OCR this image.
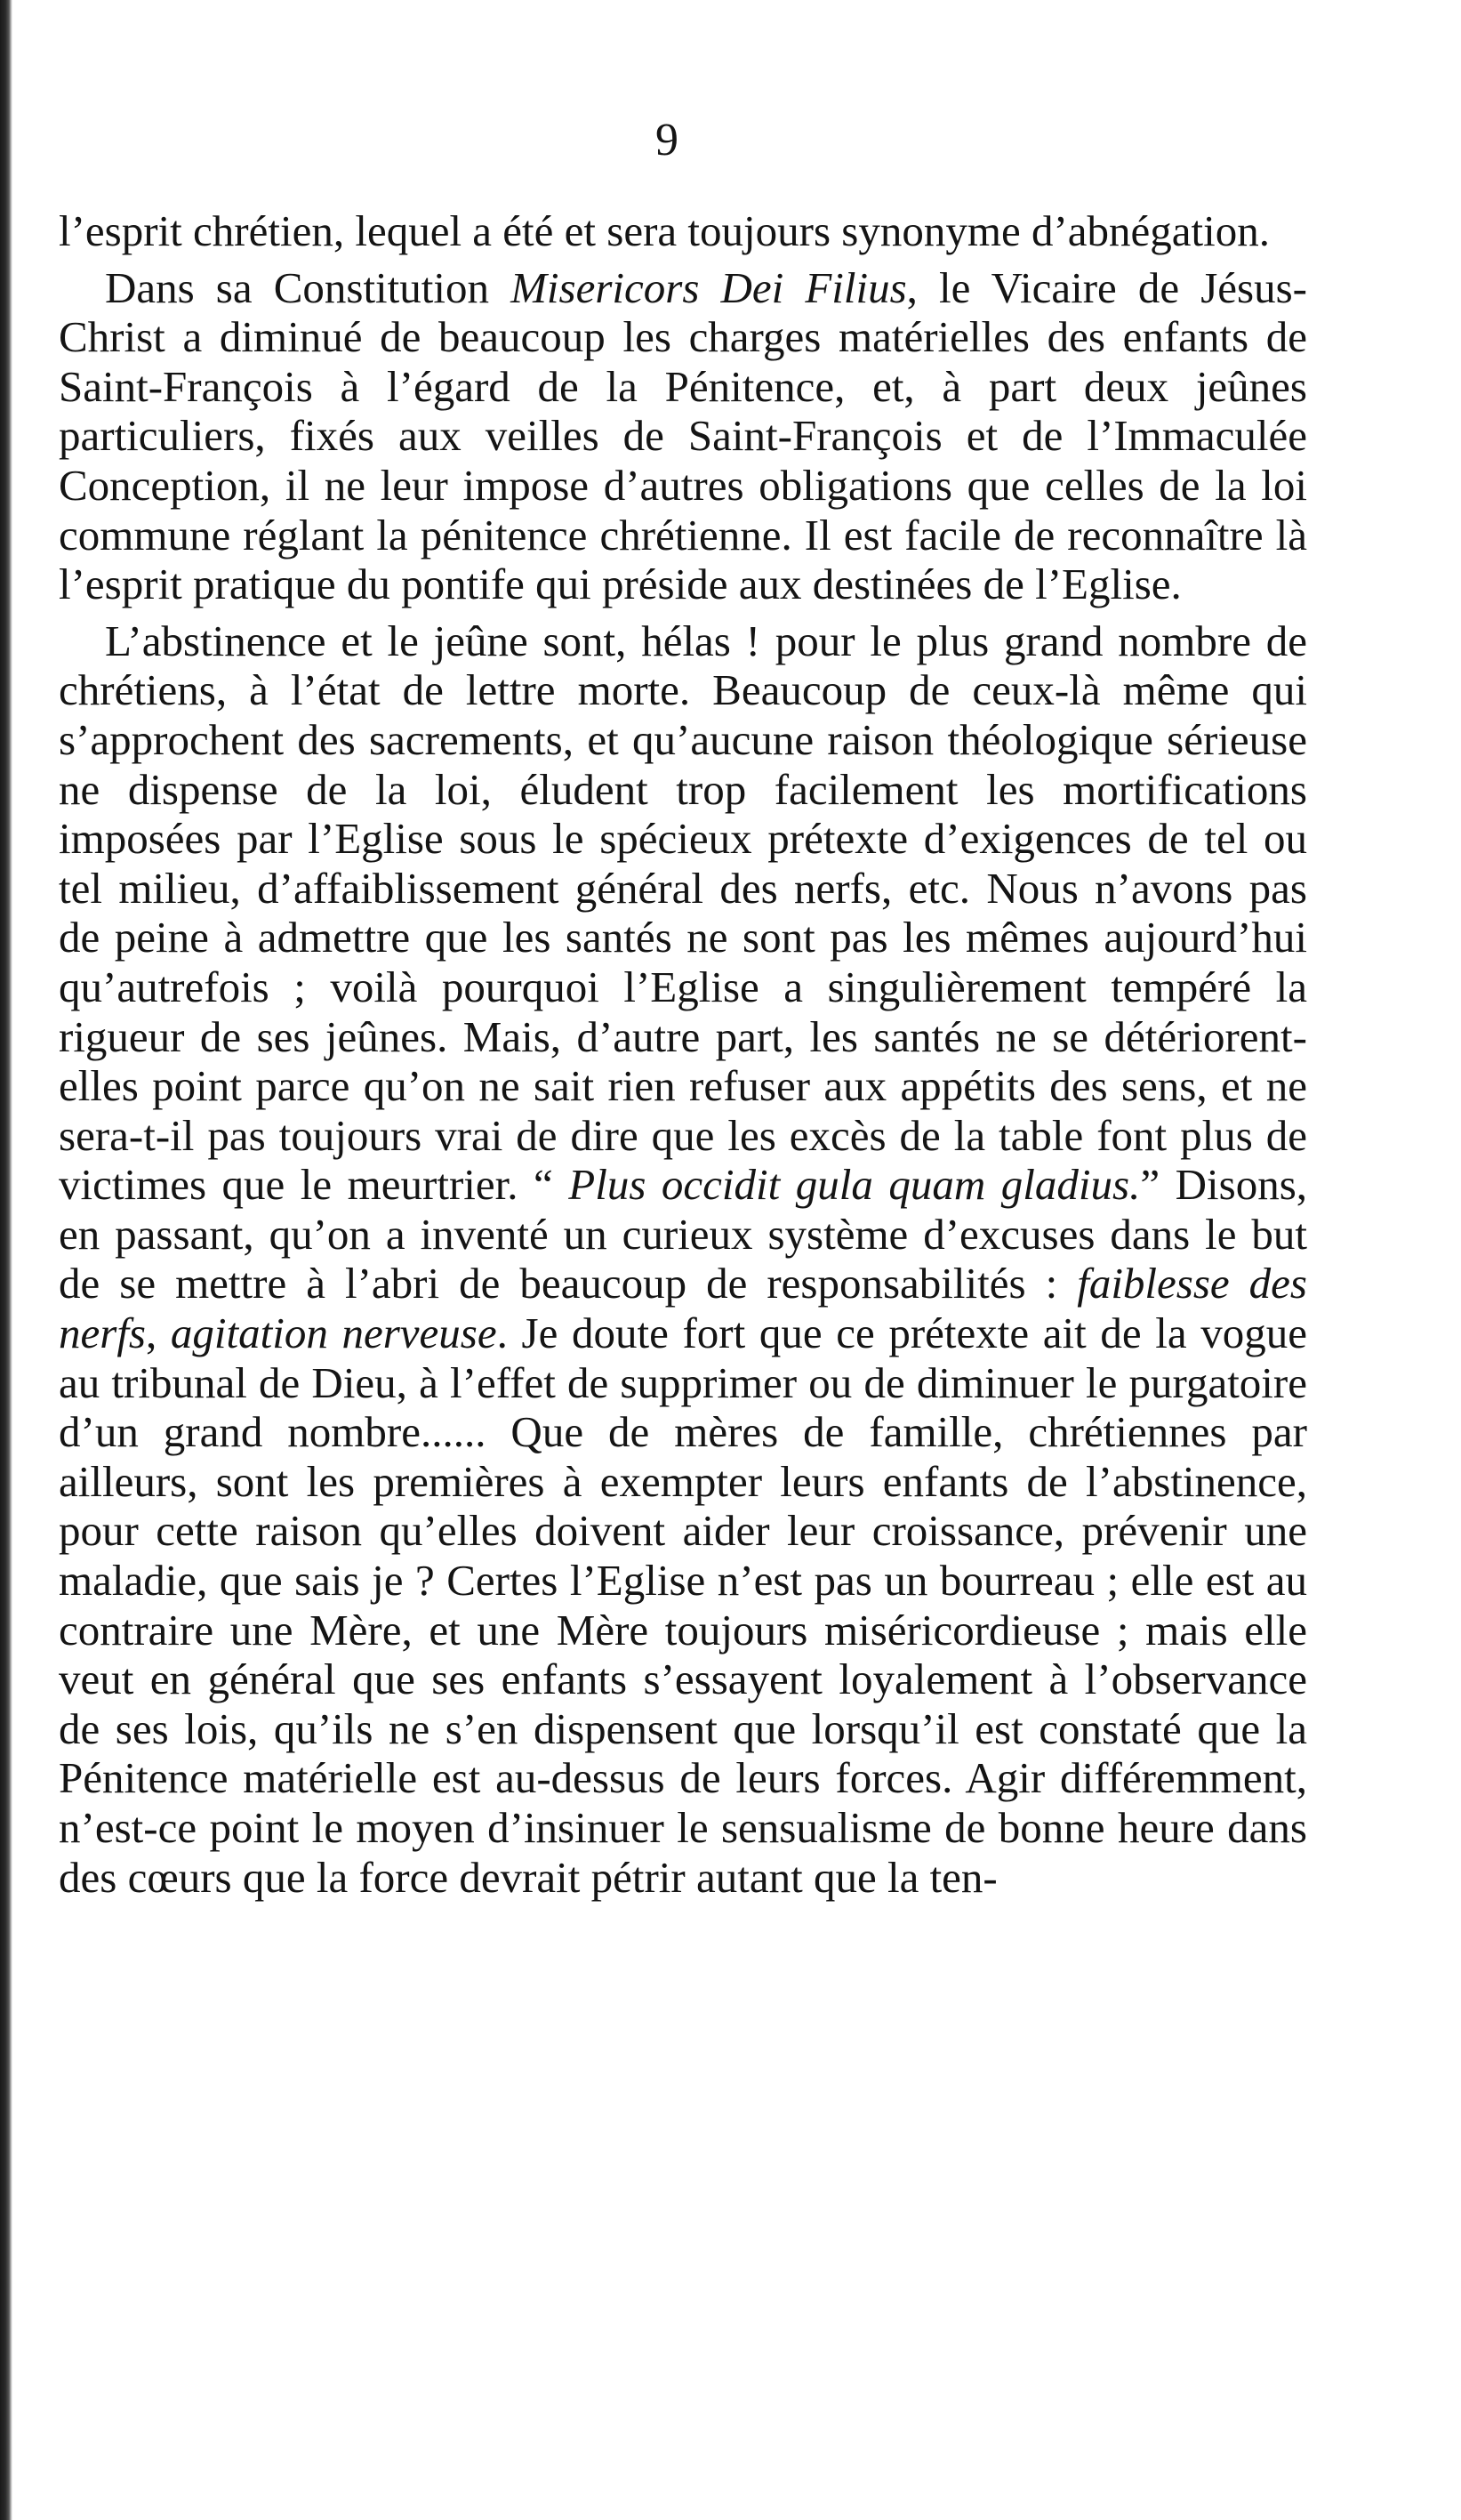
9

l’esprit chrétien, lequel a été et sera toujours synonyme d’abnégation.

Dans sa Constitution Misericors Dei Filius, le Vicaire de Jésus-Christ a diminué de beaucoup les charges matérielles des enfants de Saint-François à l’égard de la Pénitence, et, à part deux jeûnes particuliers, fixés aux veilles de Saint-François et de l’Immaculée Conception, il ne leur impose d’autres obligations que celles de la loi commune réglant la pénitence chrétienne. Il est facile de reconnaître là l’esprit pratique du pontife qui préside aux destinées de l’Eglise.

L’abstinence et le jeûne sont, hélas ! pour le plus grand nombre de chrétiens, à l’état de lettre morte. Beaucoup de ceux-là même qui s’approchent des sacrements, et qu’aucune raison théologique sérieuse ne dispense de la loi, éludent trop facilement les mortifications imposées par l’Eglise sous le spécieux prétexte d’exigences de tel ou tel milieu, d’affaiblissement général des nerfs, etc. Nous n’avons pas de peine à admettre que les santés ne sont pas les mêmes aujourd’hui qu’autrefois ; voilà pourquoi l’Eglise a singulièrement tempéré la rigueur de ses jeûnes. Mais, d’autre part, les santés ne se détériorent-elles point parce qu’on ne sait rien refuser aux appétits des sens, et ne sera-t-il pas toujours vrai de dire que les excès de la table font plus de victimes que le meurtrier. “ Plus occidit gula quam gladius.” Disons, en passant, qu’on a inventé un curieux système d’excuses dans le but de se mettre à l’abri de beaucoup de responsabilités : faiblesse des nerfs, agitation nerveuse. Je doute fort que ce prétexte ait de la vogue au tribunal de Dieu, à l’effet de supprimer ou de diminuer le purgatoire d’un grand nombre...... Que de mères de famille, chrétiennes par ailleurs, sont les premières à exempter leurs enfants de l’abstinence, pour cette raison qu’elles doivent aider leur croissance, prévenir une maladie, que sais je ? Certes l’Eglise n’est pas un bourreau ; elle est au contraire une Mère, et une Mère toujours miséricordieuse ; mais elle veut en général que ses enfants s’essayent loyalement à l’observance de ses lois, qu’ils ne s’en dispensent que lorsqu’il est constaté que la Pénitence matérielle est au-dessus de leurs forces. Agir différemment, n’est-ce point le moyen d’insinuer le sensualisme de bonne heure dans des cœurs que la force devrait pétrir autant que la ten-
